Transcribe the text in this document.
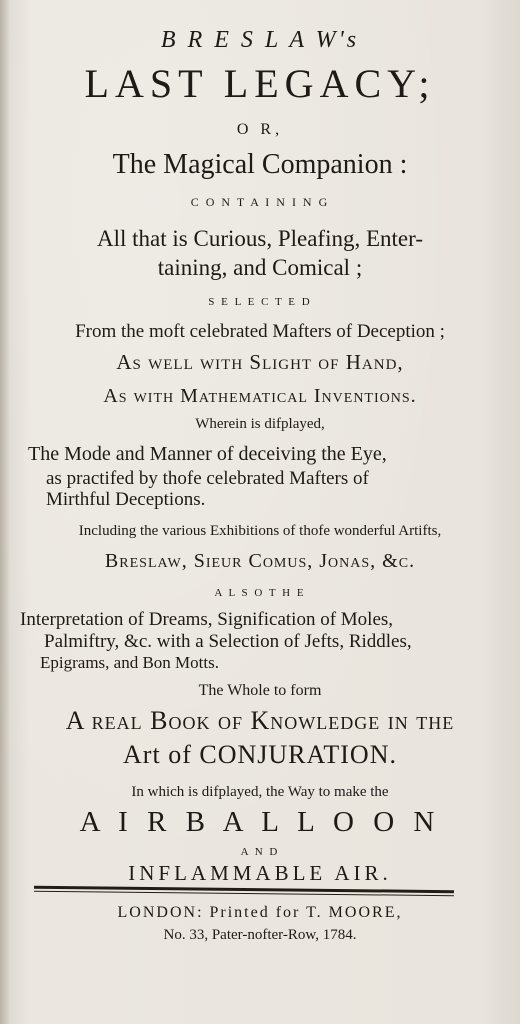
B R E S L A W's
LAST LEGACY;
O R,
The Magical Companion :
C O N T A I N I N G
All that is Curious, Pleafing, Enter-
taining, and Comical ;
S E L E C T E D
From the moft celebrated Mafters of Deception ;
As well with Slight of Hand,
As with Mathematical Inventions.
Wherein is difplayed,
The Mode and Manner of deceiving the Eye,
as practifed by thofe celebrated Mafters of
Mirthful Deceptions.
Including the various Exhibitions of thofe wonderful Artifts,
Breslaw, Sieur Comus, Jonas, &c.
A L S O T H E
Interpretation of Dreams, Signification of Moles,
Palmiftry, &c. with a Selection of Jefts, Riddles,
Epigrams, and Bon Motts.
The Whole to form
A real Book of Knowledge in the
Art of CONJURATION.
In which is difplayed, the Way to make the
A I R B A L L O O N
A N D
INFLAMMABLE AIR.
LONDON: Printed for T. MOORE,
No. 33, Pater-nofter-Row, 1784.
